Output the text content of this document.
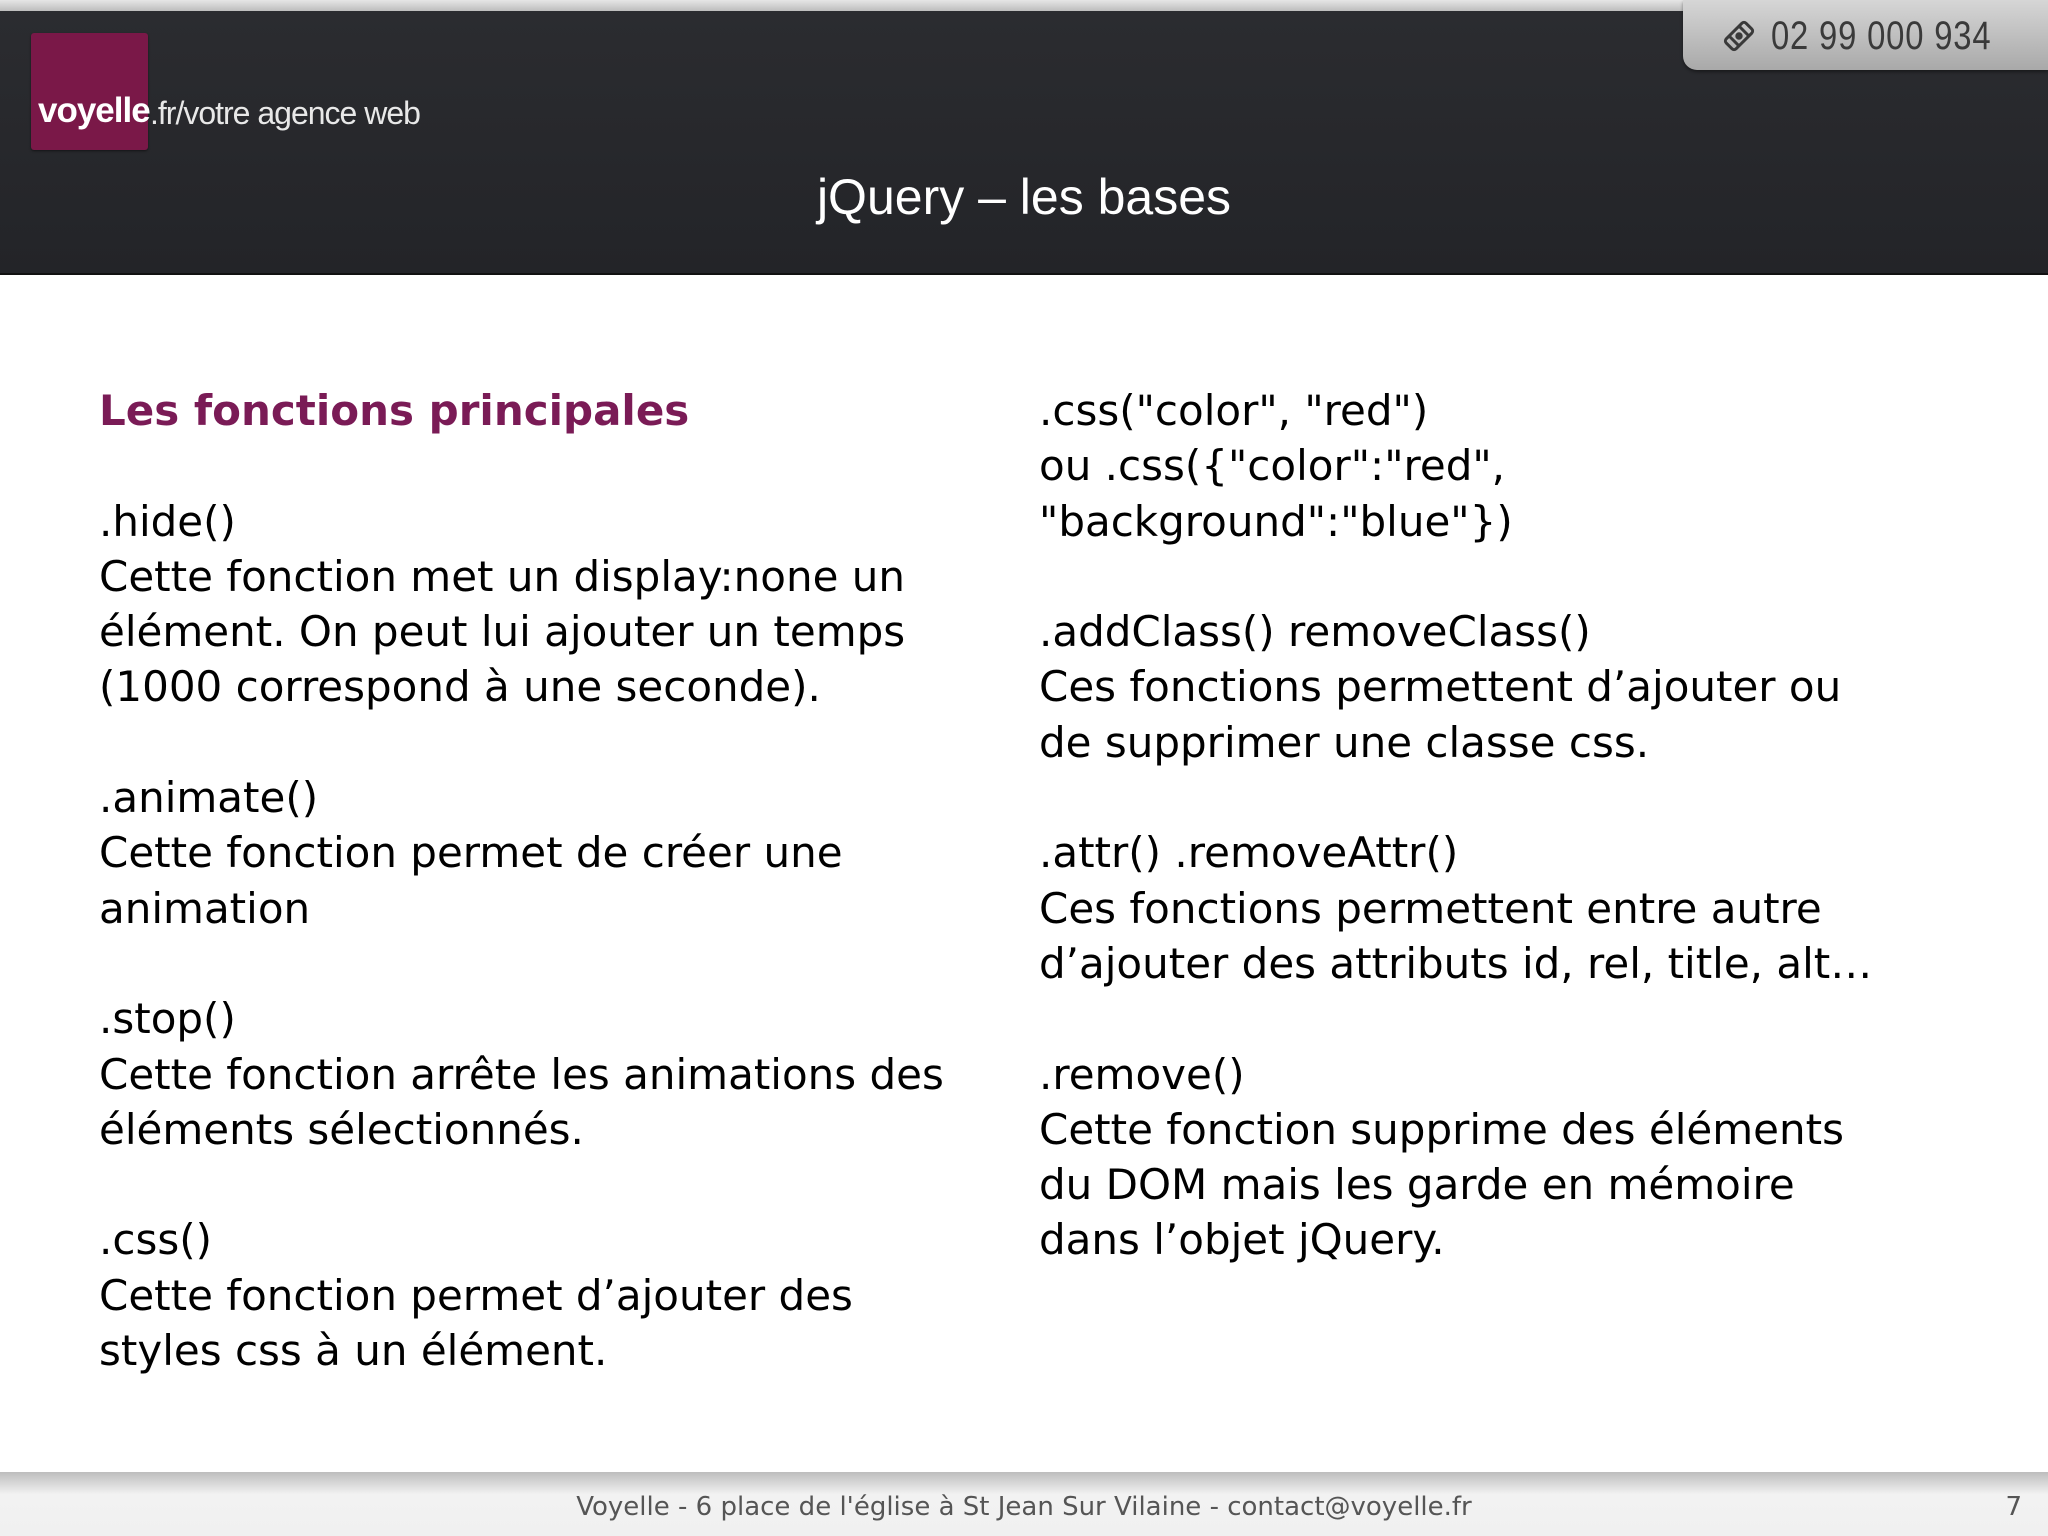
voyelle .fr/votre agence web
jQuery – les bases
02 99 000 934

Les fonctions principales

.hide()

Cette fonction met un display:none un

élément. On peut lui ajouter un temps

(1000 correspond à une seconde).

.animate()

Cette fonction permet de créer une

animation

.stop()

Cette fonction arrête les animations des

éléments sélectionnés.

.css()

Cette fonction permet d’ajouter des

styles css à un élément.

.css("color", "red")

ou .css({"color":"red",

"background":"blue"})

.addClass() removeClass()

Ces fonctions permettent d’ajouter ou

de supprimer une classe css.

.attr() .removeAttr()

Ces fonctions permettent entre autre

d’ajouter des attributs id, rel, title, alt…

.remove()

Cette fonction supprime des éléments

du DOM mais les garde en mémoire

dans l’objet jQuery.

Voyelle - 6 place de l'église à St Jean Sur Vilaine - contact@voyelle.fr	7
